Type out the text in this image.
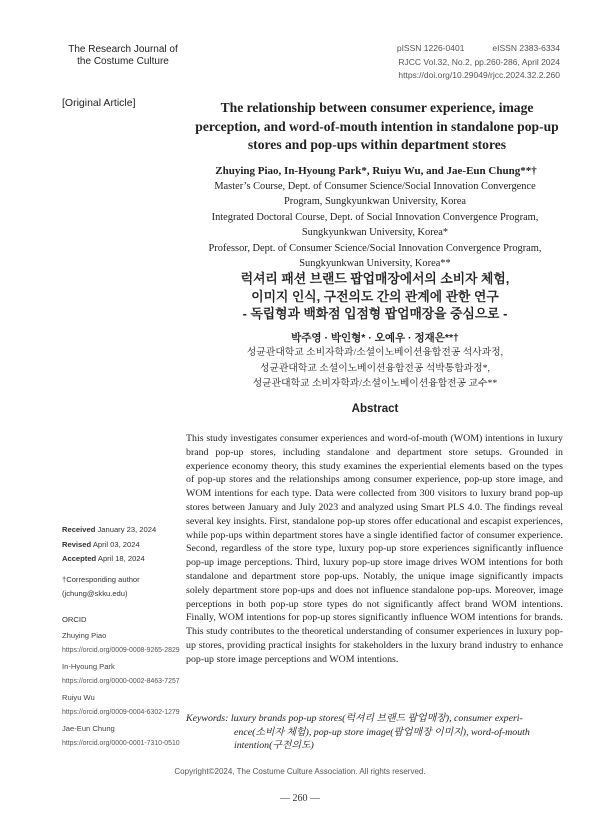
The Research Journal of
the Costume Culture
pISSN 1226-0401	eISSN 2383-6334
RJCC Vol.32, No.2, pp.260-286, April 2024
https://doi.org/10.29049/rjcc.2024.32.2.260
[Original Article]	The relationship between consumer experience, image perception, and word-of-mouth intention in standalone pop-up stores and pop-ups within department stores
Zhuying Piao, In-Hyoung Park*, Ruiyu Wu, and Jae-Eun Chung**†

Master’s Course, Dept. of Consumer Science/Social Innovation Convergence

Program, Sungkyunkwan University, Korea

Integrated Doctoral Course, Dept. of Social Innovation Convergence Program,

Sungkyunkwan University, Korea*

Professor, Dept. of Consumer Science/Social Innovation Convergence Program,

Sungkyunkwan University, Korea**

럭셔리 패션 브랜드 팝업매장에서의 소비자 체험,
이미지 인식, 구전의도 간의 관계에 관한 연구
- 독립형과 백화점 입점형 팝업매장을 중심으로 -
박주영 · 박인형* · 오예우 · 정재은**†
성균관대학교 소비자학과/소셜이노베이션융합전공 석사과정,
성균관대학교 소셜이노베이션융합전공 석박통합과정*,
성균관대학교 소비자학과/소셜이노베이션융합전공 교수**
Abstract
This study investigates consumer experiences and word-of-mouth (WOM) intentions in luxury brand pop-up stores, including standalone and department store setups. Grounded in experience economy theory, this study examines the experiential elements based on the types of pop-up stores and the relationships among consumer experience, pop-up store image, and WOM intentions for each type. Data were collected from 300 visitors to luxury brand pop-up stores between January and July 2023 and analyzed using Smart PLS 4.0. The findings reveal several key insights. First, standalone pop-up stores offer educational and escapist experiences, while pop-ups within department stores have a single identified factor of consumer experience. Second, regardless of the store type, luxury pop-up store experiences significantly influence pop-up image perceptions. Third, luxury pop-up store image drives WOM intentions for both standalone and department store pop-ups. Notably, the unique image significantly impacts solely department store pop-ups and does not influence standalone pop-ups. Moreover, image perceptions in both pop-up store types do not significantly affect brand WOM intentions. Finally, WOM intentions for pop-up stores significantly influence WOM intentions for brands. This study contributes to the theoretical understanding of consumer experiences in luxury pop-up stores, providing practical insights for stakeholders in the luxury brand industry to enhance pop-up store image perceptions and WOM intentions.
Received January 23, 2024
Revised April 03, 2024
Accepted April 18, 2024
†Corresponding author
(jchung@skku.edu)
ORCID
Zhuying Piao
https://orcid.org/0009-0008-9265-2829
In-Hyoung Park
https://orcid.org/0000-0002-8463-7257
Ruiyu Wu
https://orcid.org/0009-0004-6302-1279
Jae-Eun Chung
https://orcid.org/0000-0001-7310-0510
Keywords: luxury brands pop-up stores(럭셔리 브랜드 팝업매장), consumer experi-
ence(소비자 체험), pop-up store image(팝업매장 이미지), word-of-mouth
intention(구전의도)
Copyright©2024, The Costume Culture Association. All rights reserved.
— 260 —
